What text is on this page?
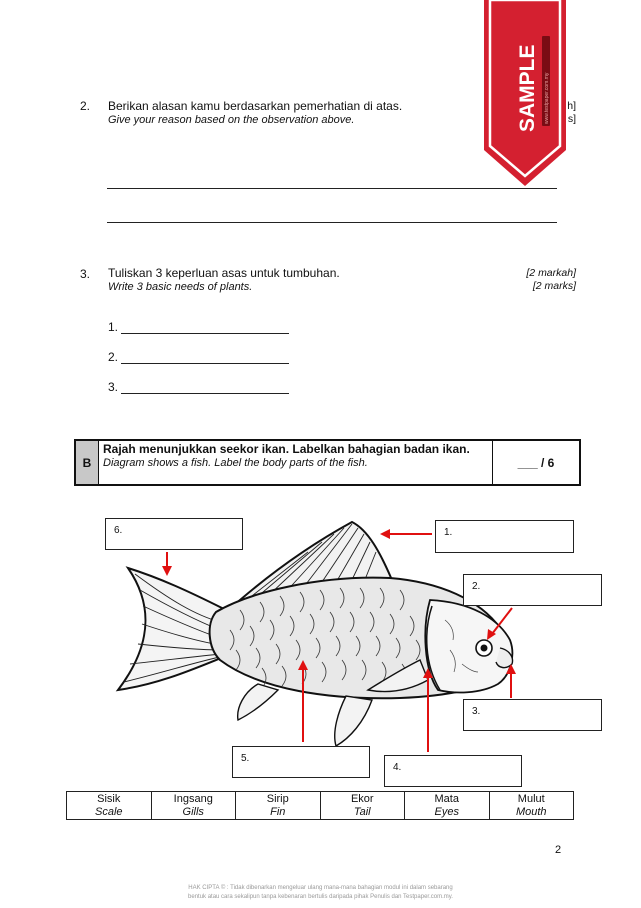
2. Berikan alasan kamu berdasarkan pemerhatian di atas.
Give your reason based on the observation above.
h]
s]
3. Tuliskan 3 keperluan asas untuk tumbuhan.
Write 3 basic needs of plants.
[2 markah]
[2 marks]
1.
2.
3.
B
Rajah menunjukkan seekor ikan. Labelkan bahagian badan ikan.
Diagram shows a fish. Label the body parts of the fish.	___ / 6
6.	1.
2.
3.
4.
5.
Sisik
Scale
Ingsang
Gills
Sirip
Fin
Ekor
Tail
Mata
Eyes
Mulut
Mouth
2
HAK CIPTA © : Tidak dibenarkan mengeluar ulang mana-mana bahagian modul ini dalam sebarang
bentuk atau cara sekalipun tanpa kebenaran bertulis daripada pihak Penulis dan Testpaper.com.my.
SAMPLE www.testpaper.com.my
